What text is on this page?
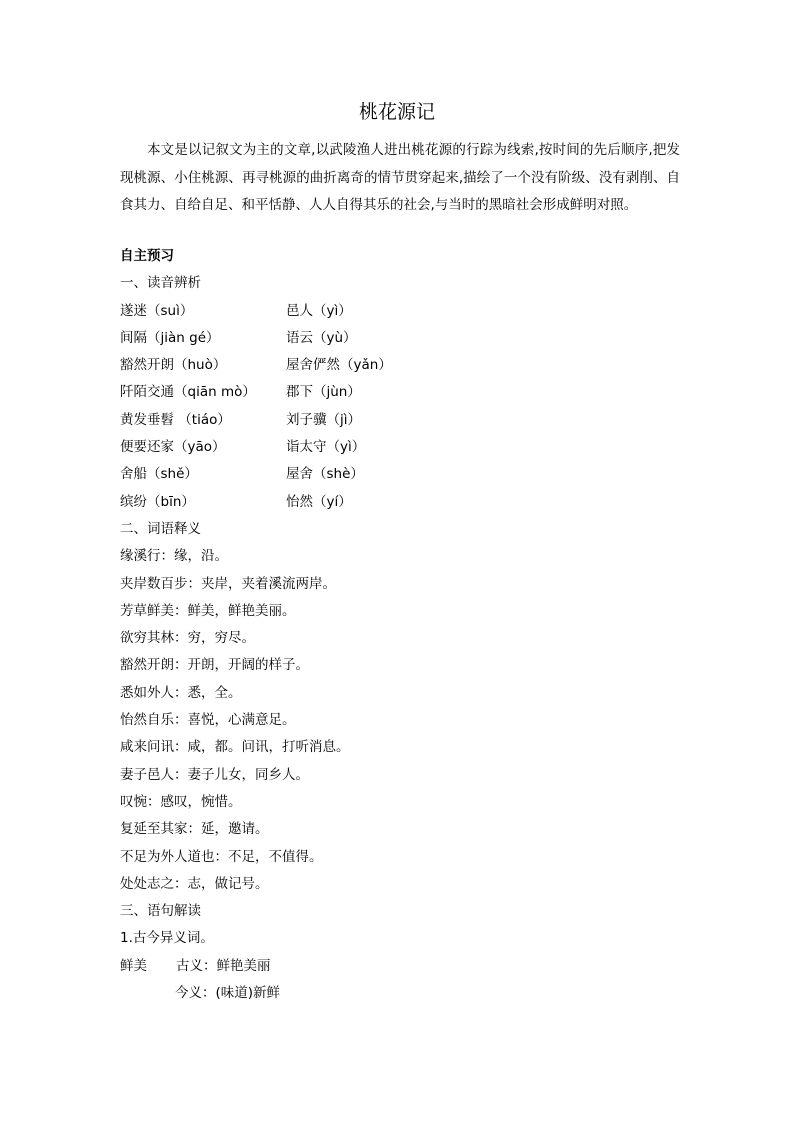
桃花源记

本文是以记叙文为主的文章,以武陵渔人进出桃花源的行踪为线索,按时间的先后顺序,把发现桃源、小住桃源、再寻桃源的曲折离奇的情节贯穿起来,描绘了一个没有阶级、没有剥削、自食其力、自给自足、和平恬静、人人自得其乐的社会,与当时的黑暗社会形成鲜明对照。

自主预习
一、读音辨析
遂迷（suì）	邑人（yì）
间隔（jiàn gé）	语云（yù）
豁然开朗（huò）	屋舍俨然（yǎn）
阡陌交通（qiān mò） 郡下（jùn）
黄发垂髫 （tiáo）	刘子骥（jì）
便要还家（yāo）	诣太守（yì）
舍船（shě）	屋舍（shè）
缤纷（bīn）	怡然（yí）
二、词语释义
缘溪行：缘，沿。
夹岸数百步：夹岸，夹着溪流两岸。
芳草鲜美：鲜美，鲜艳美丽。
欲穷其林：穷，穷尽。
豁然开朗：开朗，开阔的样子。
悉如外人：悉，全。
怡然自乐：喜悦，心满意足。
咸来问讯：咸，都。问讯，打听消息。
妻子邑人：妻子儿女，同乡人。
叹惋：感叹，惋惜。
复延至其家：延，邀请。
不足为外人道也：不足，不值得。
处处志之：志，做记号。
三、语句解读
1.古今异义词。
鲜美 古义：鲜艳美丽
今义：(味道)新鲜
